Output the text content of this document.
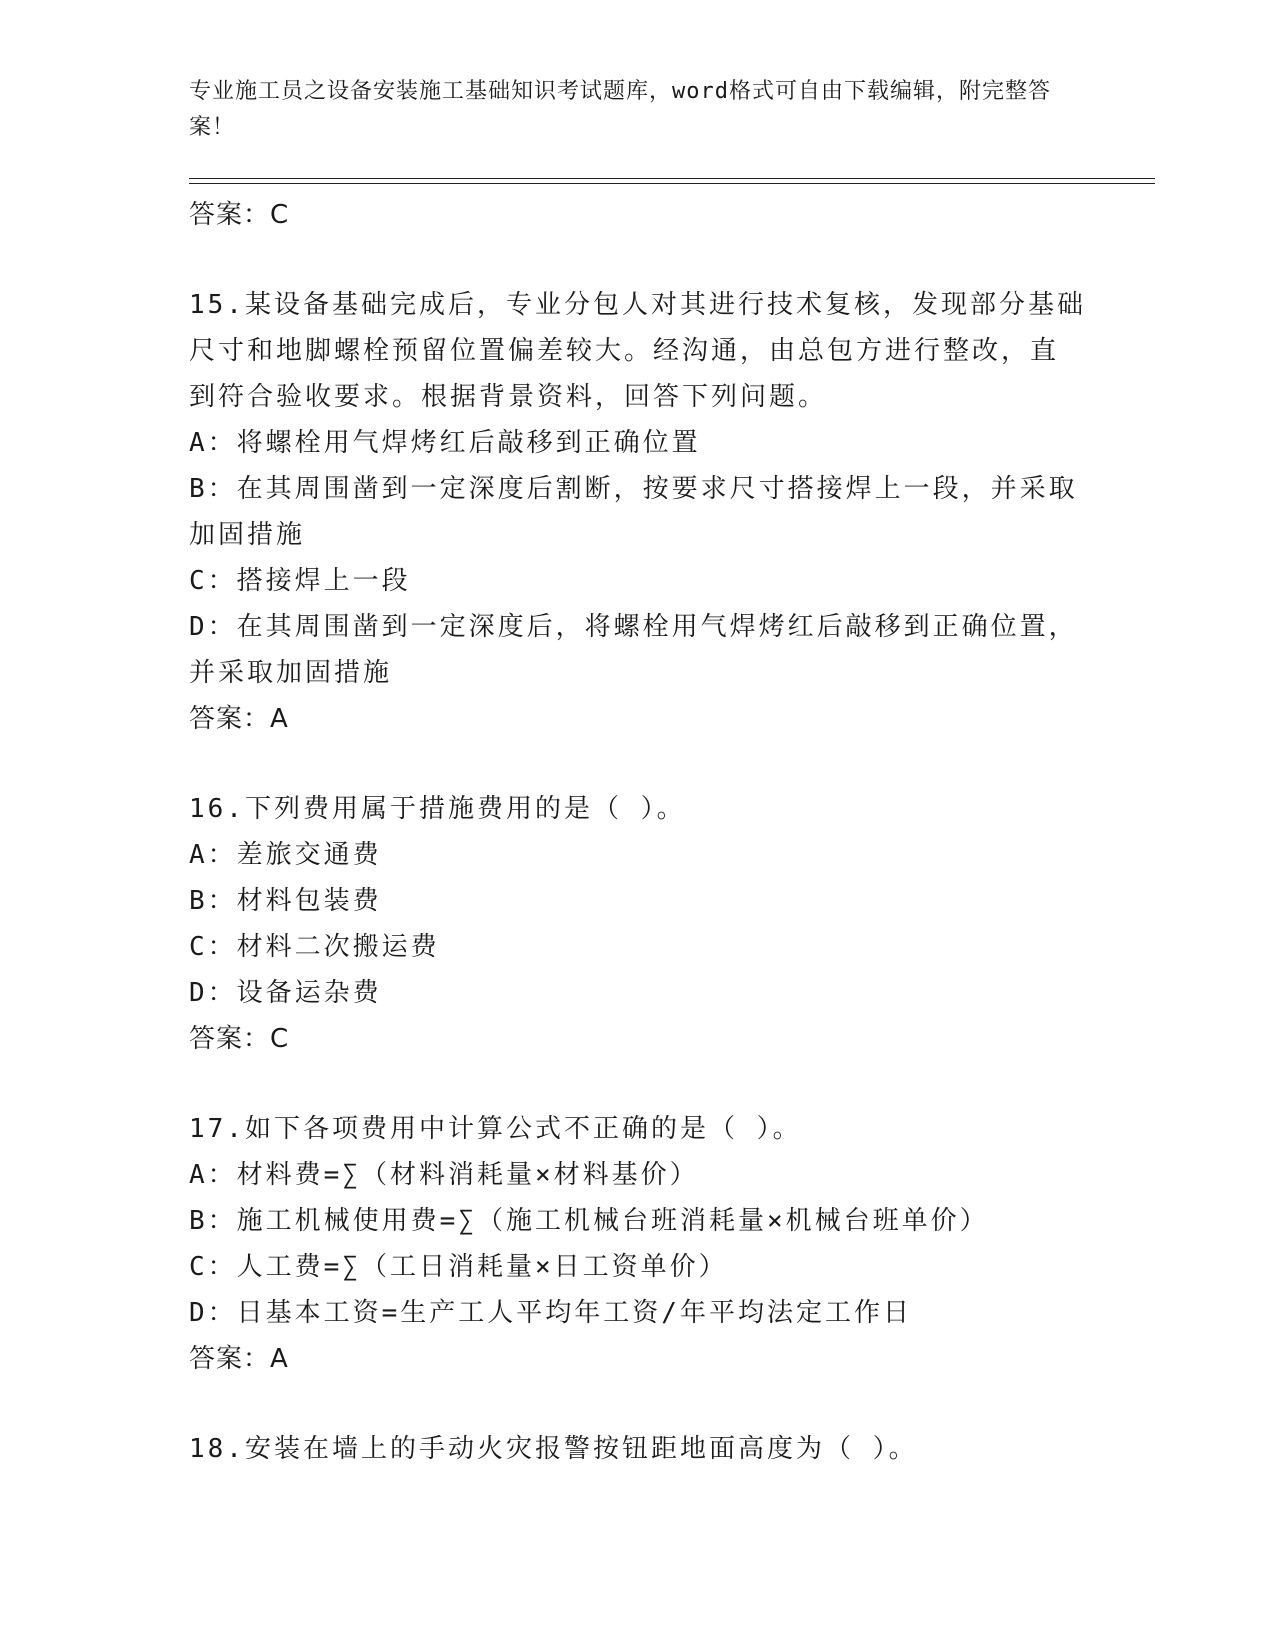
专业施工员之设备安装施工基础知识考试题库，word格式可自由下载编辑，附完整答案！
答案：C
15.某设备基础完成后，专业分包人对其进行技术复核，发现部分基础
尺寸和地脚螺栓预留位置偏差较大。经沟通，由总包方进行整改，直
到符合验收要求。根据背景资料，回答下列问题。
A：将螺栓用气焊烤红后敲移到正确位置
B：在其周围凿到一定深度后割断，按要求尺寸搭接焊上一段，并采取
加固措施
C：搭接焊上一段
D：在其周围凿到一定深度后，将螺栓用气焊烤红后敲移到正确位置，
并采取加固措施
答案：A
16.下列费用属于措施费用的是（ ）。
A：差旅交通费
B：材料包装费
C：材料二次搬运费
D：设备运杂费
答案：C
17.如下各项费用中计算公式不正确的是（ ）。
A：材料费=∑（材料消耗量×材料基价）
B：施工机械使用费=∑（施工机械台班消耗量×机械台班单价）
C：人工费=∑（工日消耗量×日工资单价）
D：日基本工资=生产工人平均年工资/年平均法定工作日
答案：A
18.安装在墙上的手动火灾报警按钮距地面高度为（ ）。
